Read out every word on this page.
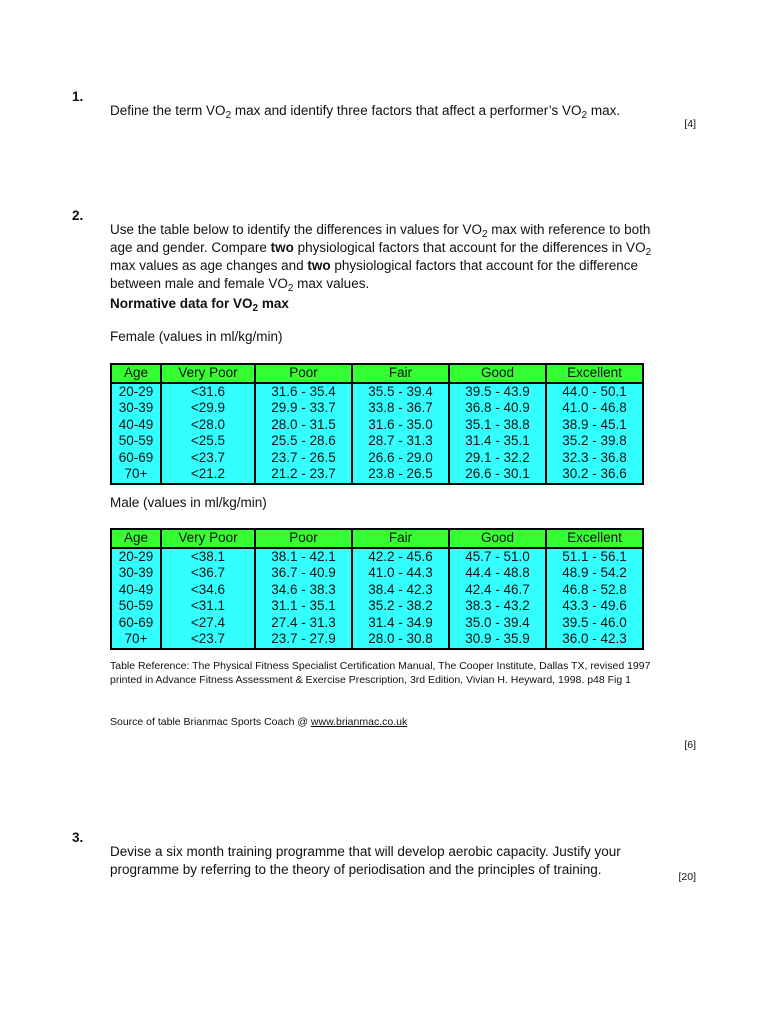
1.

Define the term $VO_2$ max and identify three factors that affect a performer’s $VO_2$ max.

[4]
2.

Use the table below to identify the differences in values for $VO_2$ max with reference to both age and gender. Compare two physiological factors that account for the differences in $VO_2$ max values as age changes and two physiological factors that account for the difference between male and female $VO_2$ max values.

Normative data for $VO_2$ max
Female (values in ml/kg/min)
Age	Very Poor	Poor	Fair	Good	Excellent
20-29	<31.6	31.6 - 35.4	35.5 - 39.4	39.5 - 43.9	44.0 - 50.1
30-39	<29.9	29.9 - 33.7	33.8 - 36.7	36.8 - 40.9	41.0 - 46.8
40-49	<28.0	28.0 - 31.5	31.6 - 35.0	35.1 - 38.8	38.9 - 45.1
50-59	<25.5	25.5 - 28.6	28.7 - 31.3	31.4 - 35.1	35.2 - 39.8
60-69	<23.7	23.7 - 26.5	26.6 - 29.0	29.1 - 32.2	32.3 - 36.8
70+	<21.2	21.2 - 23.7	23.8 - 26.5	26.6 - 30.1	30.2 - 36.6
Male (values in ml/kg/min)
Age	Very Poor	Poor	Fair	Good	Excellent
20-29	<38.1	38.1 - 42.1	42.2 - 45.6	45.7 - 51.0	51.1 - 56.1
30-39	<36.7	36.7 - 40.9	41.0 - 44.3	44.4 - 48.8	48.9 - 54.2
40-49	<34.6	34.6 - 38.3	38.4 - 42.3	42.4 - 46.7	46.8 - 52.8
50-59	<31.1	31.1 - 35.1	35.2 - 38.2	38.3 - 43.2	43.3 - 49.6
60-69	<27.4	27.4 - 31.3	31.4 - 34.9	35.0 - 39.4	39.5 - 46.0
70+	<23.7	23.7 - 27.9	28.0 - 30.8	30.9 - 35.9	36.0 - 42.3
Table Reference: The Physical Fitness Specialist Certification Manual, The Cooper Institute, Dallas TX, revised 1997 printed in Advance Fitness Assessment & Exercise Prescription, 3rd Edition, Vivian H. Heyward, 1998. p48 Fig 1
Source of table Brianmac Sports Coach @ www.brianmac.co.uk
[6]
3.

Devise a six month training programme that will develop aerobic capacity. Justify your programme by referring to the theory of periodisation and the principles of training.

[20]
